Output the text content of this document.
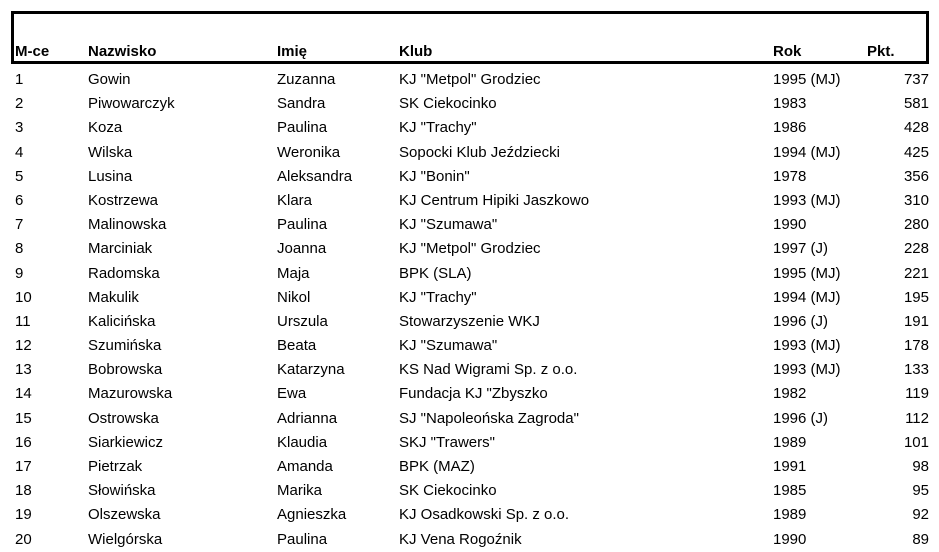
M-ce	Nazwisko	Imię	Klub	Rok	Pkt.
1	Gowin	Zuzanna	KJ "Metpol" Grodziec	1995 (MJ)	737
2	Piwowarczyk	Sandra	SK Ciekocinko	1983	581
3	Koza	Paulina	KJ "Trachy"	1986	428
4	Wilska	Weronika	Sopocki Klub Jeździecki	1994 (MJ)	425
5	Lusina	Aleksandra	KJ "Bonin"	1978	356
6	Kostrzewa	Klara	KJ Centrum Hipiki Jaszkowo	1993 (MJ)	310
7	Malinowska	Paulina	KJ "Szumawa"	1990	280
8	Marciniak	Joanna	KJ "Metpol" Grodziec	1997 (J)	228
9	Radomska	Maja	BPK (SLA)	1995 (MJ)	221
10	Makulik	Nikol	KJ "Trachy"	1994 (MJ)	195
11	Kalicińska	Urszula	Stowarzyszenie WKJ	1996 (J)	191
12	Szumińska	Beata	KJ "Szumawa"	1993 (MJ)	178
13	Bobrowska	Katarzyna	KS Nad Wigrami Sp. z o.o.	1993 (MJ)	133
14	Mazurowska	Ewa	Fundacja KJ "Zbyszko	1982	119
15	Ostrowska	Adrianna	SJ "Napoleońska Zagroda"	1996 (J)	112
16	Siarkiewicz	Klaudia	SKJ "Trawers"	1989	101
17	Pietrzak	Amanda	BPK (MAZ)	1991	98
18	Słowińska	Marika	SK Ciekocinko	1985	95
19	Olszewska	Agnieszka	KJ Osadkowski Sp. z o.o.	1989	92
20	Wielgórska	Paulina	KJ Vena Rogoźnik	1990	89
